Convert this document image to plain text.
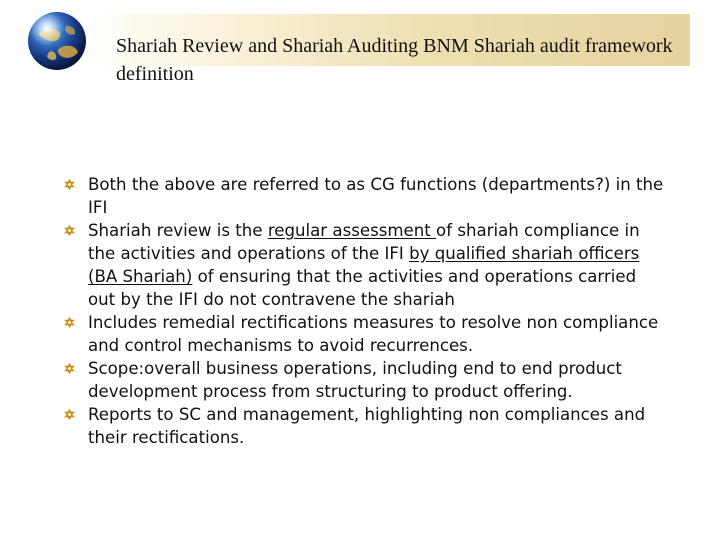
Shariah Review and Shariah Auditing BNM Shariah audit framework definition
Both the above are referred to as CG functions (departments?) in the IFI
Shariah review is the regular assessment of shariah compliance in the activities and operations of the IFI by qualified shariah officers (BA Shariah) of ensuring that the activities and operations carried out by the IFI do not contravene the shariah
Includes remedial rectifications measures to resolve non compliance and control mechanisms to avoid recurrences.
Scope:overall business operations, including end to end product development process from structuring to product offering.
Reports to SC and management, highlighting non compliances and their rectifications.
